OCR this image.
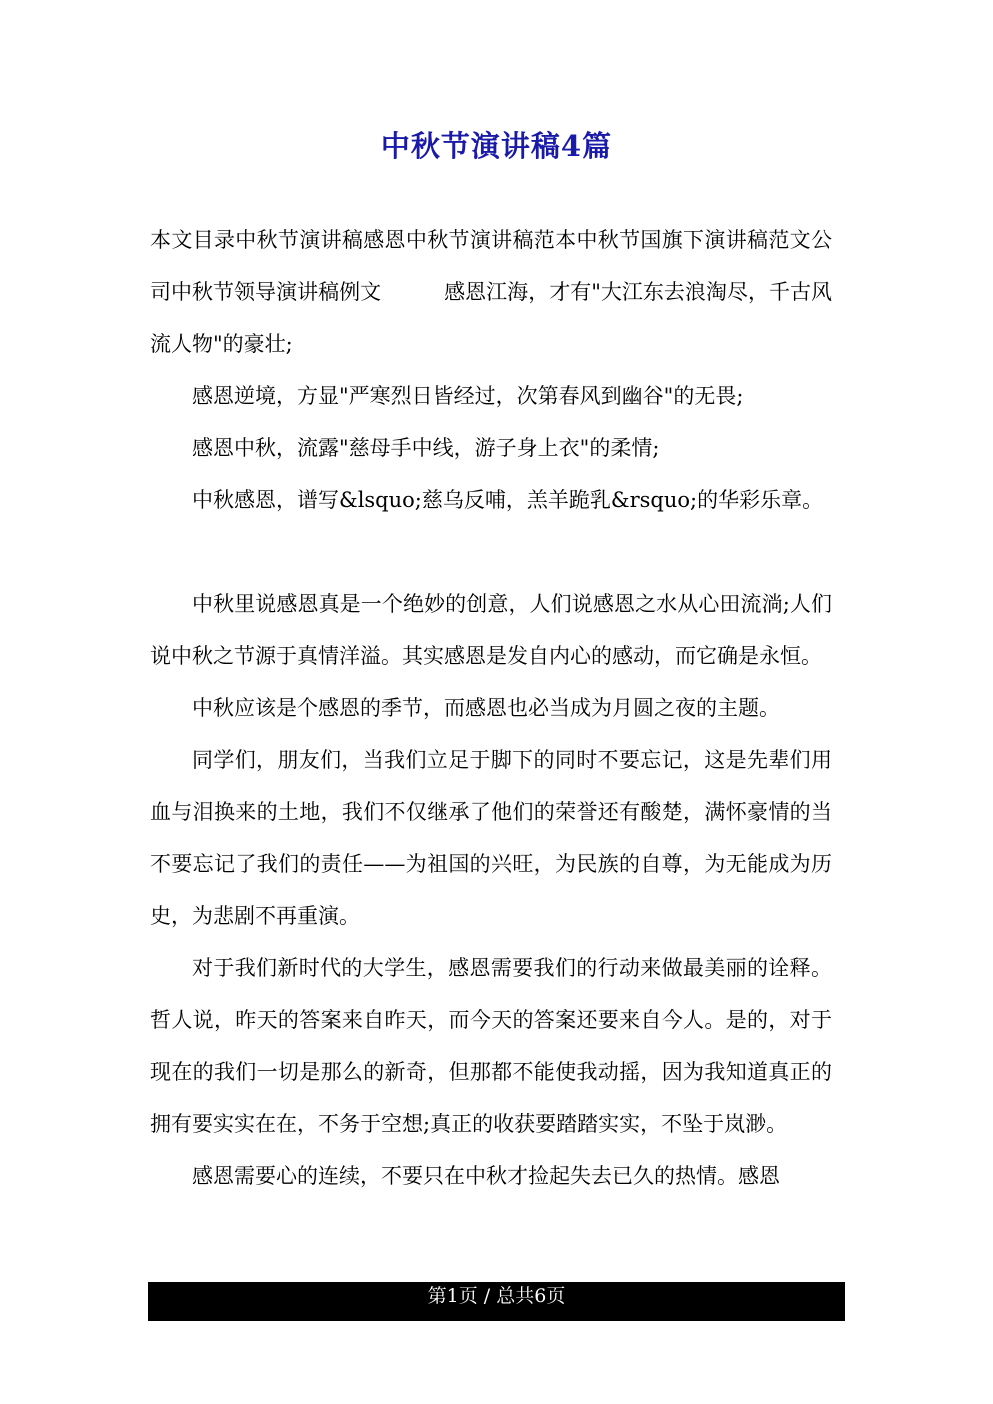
中秋节演讲稿4篇

本文目录中秋节演讲稿感恩中秋节演讲稿范本中秋节国旗下演讲稿范文公司中秋节领导演讲稿例文　　　感恩江海，才有"大江东去浪淘尽，千古风流人物"的豪壮;

感恩逆境，方显"严寒烈日皆经过，次第春风到幽谷"的无畏;

感恩中秋，流露"慈母手中线，游子身上衣"的柔情;

中秋感恩，谱写&lsquo;慈乌反哺，羔羊跪乳&rsquo;的华彩乐章。

中秋里说感恩真是一个绝妙的创意，人们说感恩之水从心田流淌;人们说中秋之节源于真情洋溢。其实感恩是发自内心的感动，而它确是永恒。

中秋应该是个感恩的季节，而感恩也必当成为月圆之夜的主题。

同学们，朋友们，当我们立足于脚下的同时不要忘记，这是先辈们用血与泪换来的土地，我们不仅继承了他们的荣誉还有酸楚，满怀豪情的当不要忘记了我们的责任——为祖国的兴旺，为民族的自尊，为无能成为历史，为悲剧不再重演。

对于我们新时代的大学生，感恩需要我们的行动来做最美丽的诠释。哲人说，昨天的答案来自昨天，而今天的答案还要来自今人。是的，对于现在的我们一切是那么的新奇，但那都不能使我动摇，因为我知道真正的拥有要实实在在，不务于空想;真正的收获要踏踏实实，不坠于岚渺。

感恩需要心的连续，不要只在中秋才捡起失去已久的热情。感恩

第1页 / 总共6页
